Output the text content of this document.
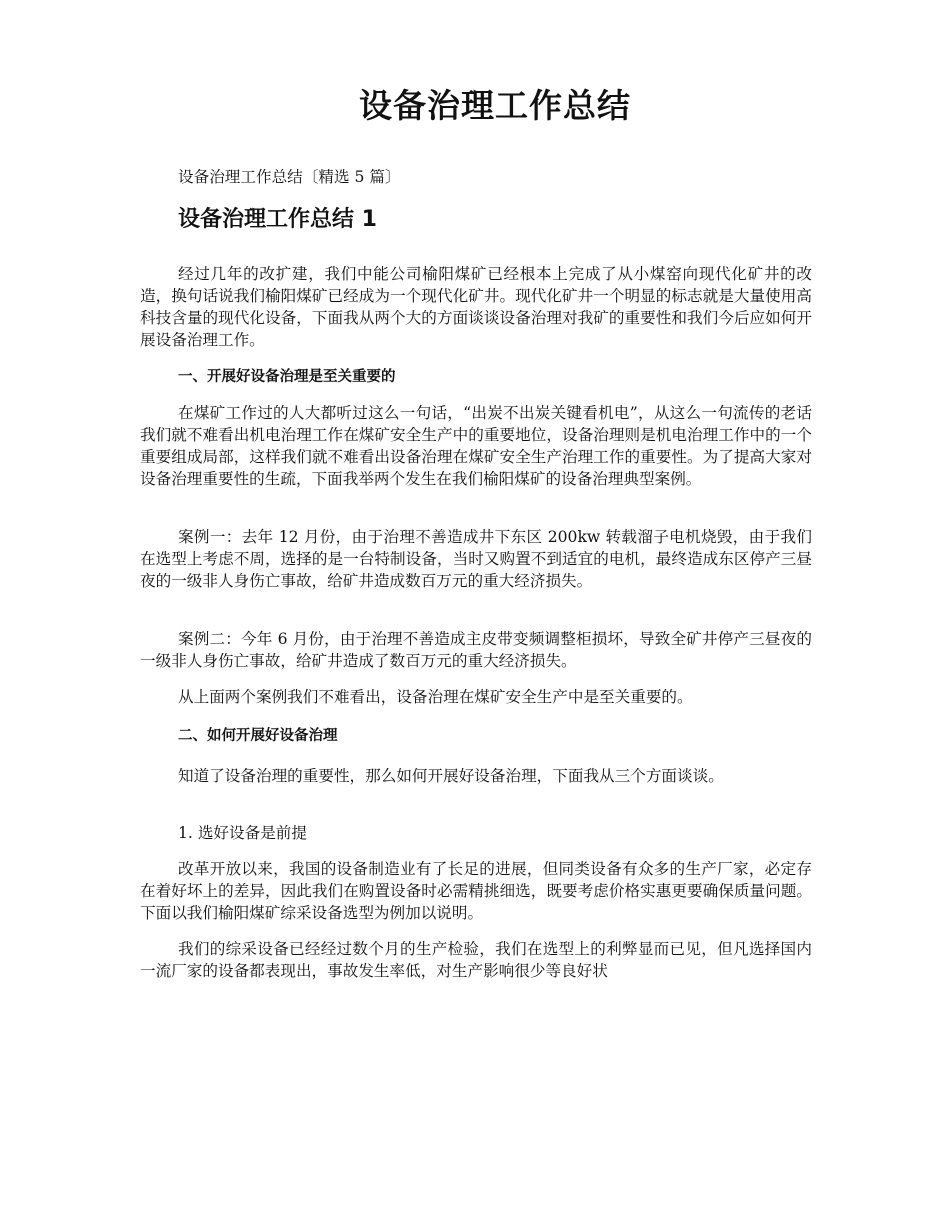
设备治理工作总结

设备治理工作总结〔精选 5 篇〕

设备治理工作总结 1

经过几年的改扩建，我们中能公司榆阳煤矿已经根本上完成了从小煤窑向现代化矿井的改造，换句话说我们榆阳煤矿已经成为一个现代化矿井。现代化矿井一个明显的标志就是大量使用高科技含量的现代化设备，下面我从两个大的方面谈谈设备治理对我矿的重要性和我们今后应如何开展设备治理工作。

一、开展好设备治理是至关重要的

在煤矿工作过的人大都听过这么一句话，“出炭不出炭关键看机电”，从这么一句流传的老话我们就不难看出机电治理工作在煤矿安全生产中的重要地位，设备治理则是机电治理工作中的一个重要组成局部，这样我们就不难看出设备治理在煤矿安全生产治理工作的重要性。为了提高大家对设备治理重要性的生疏，下面我举两个发生在我们榆阳煤矿的设备治理典型案例。

案例一：去年 12 月份，由于治理不善造成井下东区 200kw 转载溜子电机烧毁，由于我们在选型上考虑不周，选择的是一台特制设备，当时又购置不到适宜的电机，最终造成东区停产三昼夜的一级非人身伤亡事故，给矿井造成数百万元的重大经济损失。

案例二：今年 6 月份，由于治理不善造成主皮带变频调整柜损坏，导致全矿井停产三昼夜的一级非人身伤亡事故，给矿井造成了数百万元的重大经济损失。

从上面两个案例我们不难看出，设备治理在煤矿安全生产中是至关重要的。

二、如何开展好设备治理

知道了设备治理的重要性，那么如何开展好设备治理，下面我从三个方面谈谈。

1. 选好设备是前提

改革开放以来，我国的设备制造业有了长足的进展，但同类设备有众多的生产厂家，必定存在着好坏上的差异，因此我们在购置设备时必需精挑细选，既要考虑价格实惠更要确保质量问题。下面以我们榆阳煤矿综采设备选型为例加以说明。

我们的综采设备已经经过数个月的生产检验，我们在选型上的利弊显而已见，但凡选择国内一流厂家的设备都表现出，事故发生率低，对生产影响很少等良好状
